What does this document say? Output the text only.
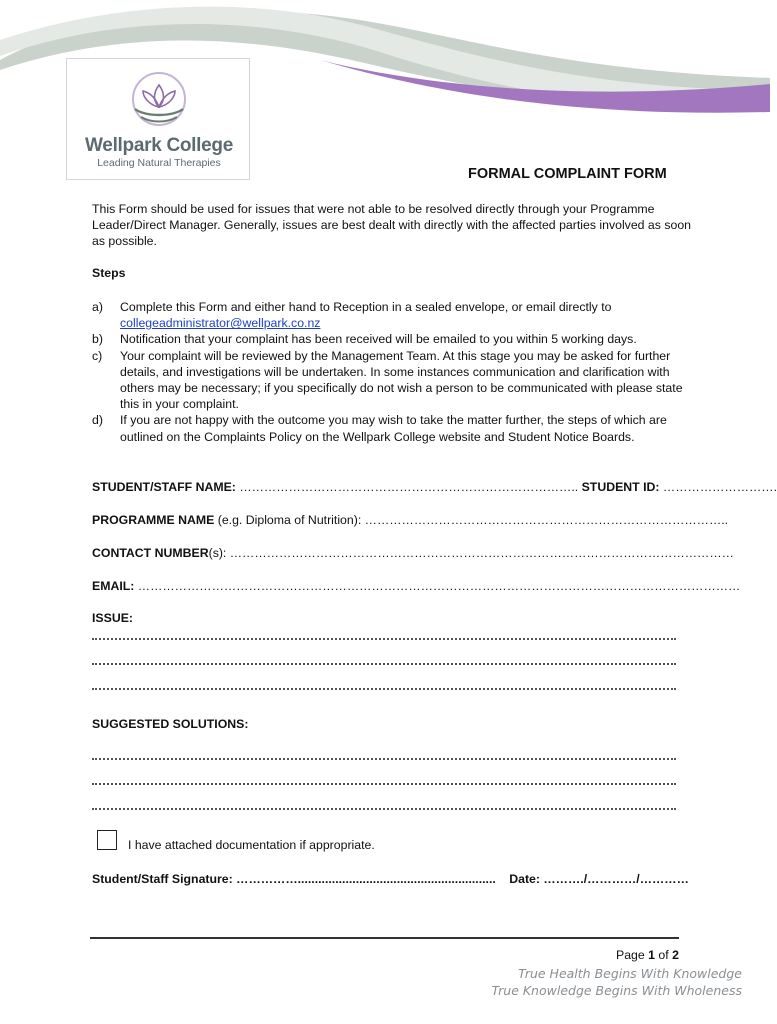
Wellpark College
Leading Natural Therapies
FORMAL COMPLAINT FORM
This Form should be used for issues that were not able to be resolved directly through your Programme Leader/Direct Manager. Generally, issues are best dealt with directly with the affected parties involved as soon as possible.
Steps
a)	Complete this Form and either hand to Reception in a sealed envelope, or email directly to
collegeadministrator@wellpark.co.nz
b)	Notification that your complaint has been received will be emailed to you within 5 working days.
c)	Your complaint will be reviewed by the Management Team. At this stage you may be asked for further details, and investigations will be undertaken. In some instances communication and clarification with others may be necessary; if you specifically do not wish a person to be communicated with please state this in your complaint.
d)	If you are not happy with the outcome you may wish to take the matter further, the steps of which are outlined on the Complaints Policy on the Wellpark College website and Student Notice Boards.
STUDENT/STAFF NAME: ……………………………………………………………………….. STUDENT ID: ……………………….
PROGRAMME NAME (e.g. Diploma of Nutrition): ……………………………………………………………………………..
CONTACT NUMBER(s): ……………………………………………………………………………………………………………
EMAIL: …………………………………………………………………………………………………………………………………
ISSUE:
SUGGESTED SOLUTIONS:
I have attached documentation if appropriate.
Student/Staff Signature: …………….......................................................... Date: ………./…………/…………
Page 1 of 2
True Health Begins With Knowledge
True Knowledge Begins With Wholeness
